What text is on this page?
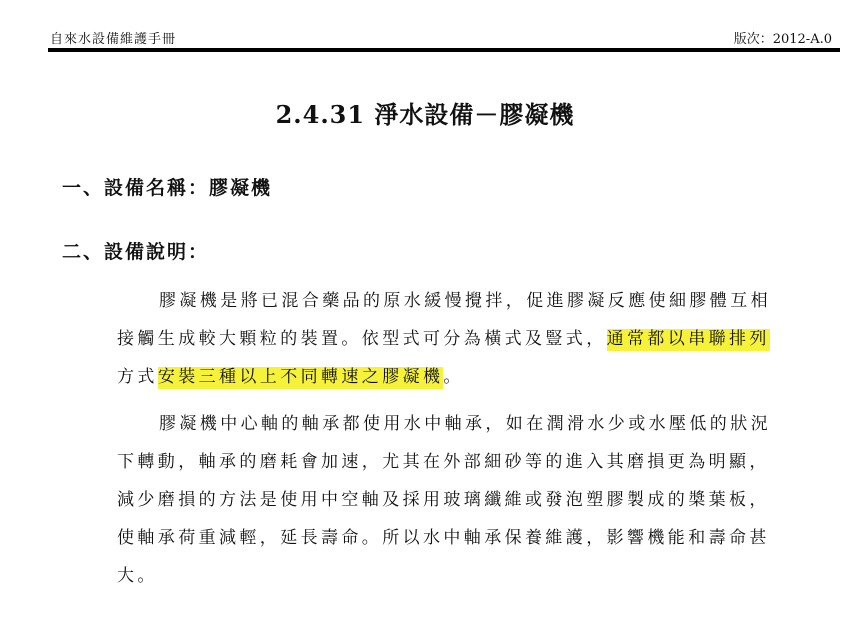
自來水設備維護手冊	版次：2012-A.0
2.4.31 淨水設備－膠凝機
一、設備名稱：膠凝機
二、設備說明：
膠凝機是將已混合藥品的原水緩慢攪拌，促進膠凝反應使細膠體互相
接觸生成較大顆粒的裝置。依型式可分為橫式及豎式，通常都以串聯排列
方式安裝三種以上不同轉速之膠凝機。
膠凝機中心軸的軸承都使用水中軸承，如在潤滑水少或水壓低的狀況
下轉動，軸承的磨耗會加速，尤其在外部細砂等的進入其磨損更為明顯，
減少磨損的方法是使用中空軸及採用玻璃纖維或發泡塑膠製成的槳葉板，
使軸承荷重減輕，延長壽命。所以水中軸承保養維護，影響機能和壽命甚
大。
